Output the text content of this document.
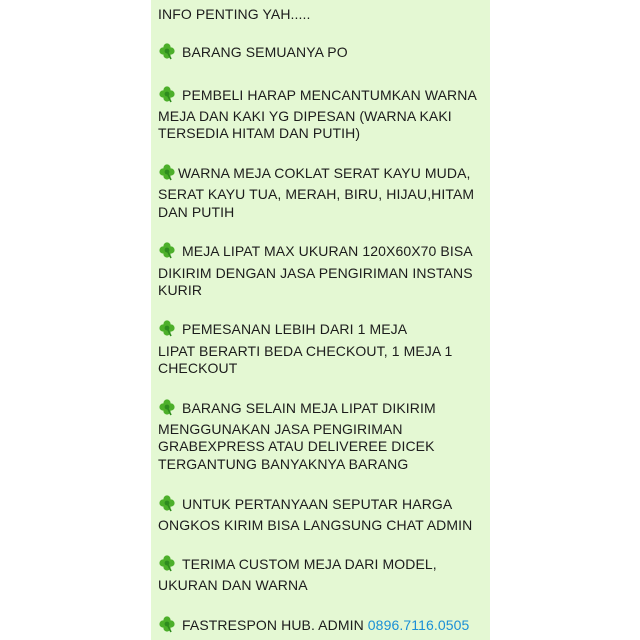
INFO PENTING YAH.....
BARANG SEMUANYA PO
PEMBELI HARAP MENCANTUMKAN WARNA
MEJA DAN KAKI YG DIPESAN (WARNA KAKI
TERSEDIA HITAM DAN PUTIH)
WARNA MEJA COKLAT SERAT KAYU MUDA,
SERAT KAYU TUA, MERAH, BIRU, HIJAU,HITAM
DAN PUTIH
MEJA LIPAT MAX UKURAN 120X60X70 BISA
DIKIRIM DENGAN JASA PENGIRIMAN INSTANS
KURIR
PEMESANAN LEBIH DARI 1 MEJA
LIPAT BERARTI BEDA CHECKOUT, 1 MEJA 1
CHECKOUT
BARANG SELAIN MEJA LIPAT DIKIRIM
MENGGUNAKAN JASA PENGIRIMAN
GRABEXPRESS ATAU DELIVEREE DICEK
TERGANTUNG BANYAKNYA BARANG
UNTUK PERTANYAAN SEPUTAR HARGA
ONGKOS KIRIM BISA LANGSUNG CHAT ADMIN
TERIMA CUSTOM MEJA DARI MODEL,
UKURAN DAN WARNA
FASTRESPON HUB. ADMIN 0896.7116.0505
